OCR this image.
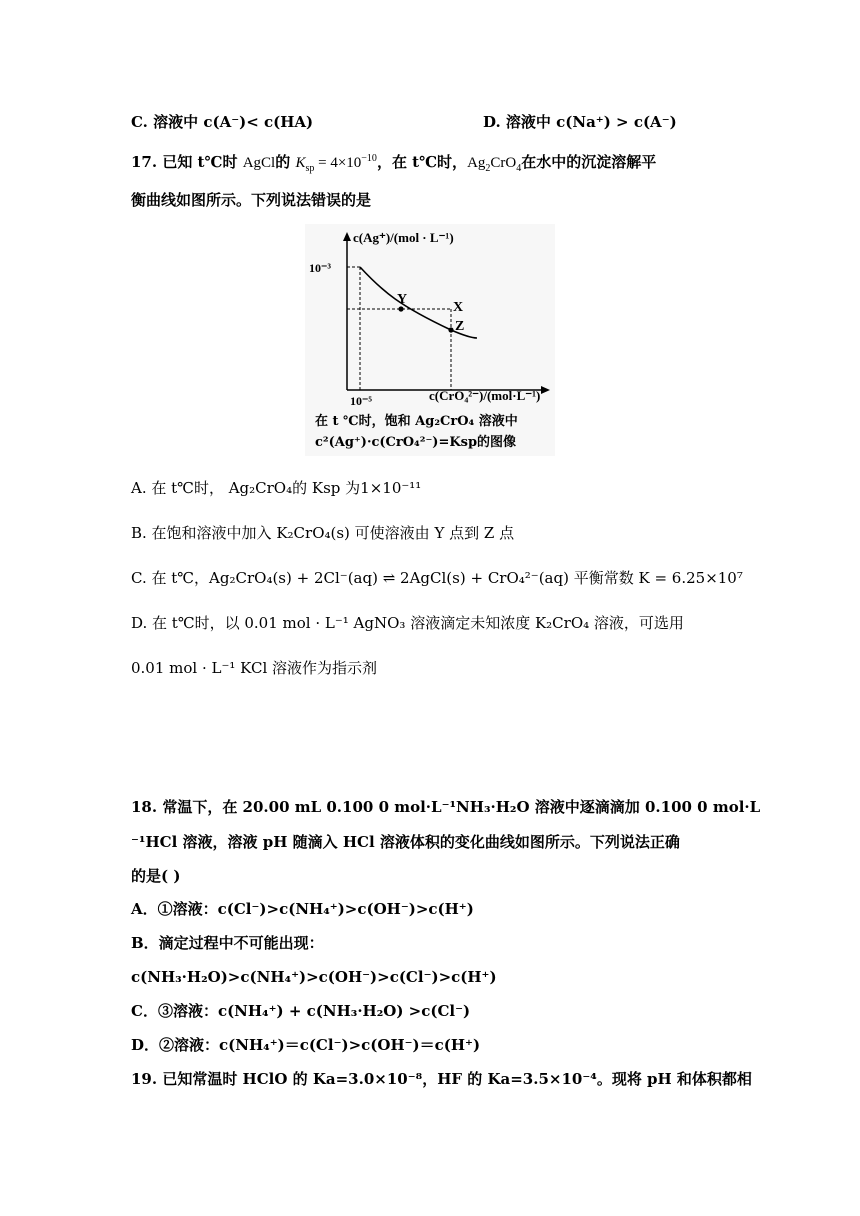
C. 溶液中 c(A⁻)< c(HA)	D. 溶液中 c(Na⁺) > c(A⁻)
17. 已知 t℃时 AgCl的 $K_{sp} = 4\times 10^{-10}$，在 t℃时，$Ag_2CrO_4$在水中的沉淀溶解平
衡曲线如图所示。下列说法错误的是
c(Ag⁺)/(mol · L⁻¹)
10⁻³
10⁻⁵	c(CrO₄²⁻)/(mol·L⁻¹)
Y
X
Z
在 t ℃时，饱和 Ag₂CrO₄ 溶液中
c²(Ag⁺)·c(CrO₄²⁻)=Ksp的图像
A. 在 t℃时， Ag₂CrO₄的 Ksp 为1×10⁻¹¹
B. 在饱和溶液中加入 K₂CrO₄(s) 可使溶液由 Y 点到 Z 点
C. 在 t℃，Ag₂CrO₄(s) + 2Cl⁻(aq) ⇌ 2AgCl(s) + CrO₄²⁻(aq) 平衡常数 K = 6.25×10⁷
D. 在 t℃时，以 0.01 mol · L⁻¹ AgNO₃ 溶液滴定未知浓度 K₂CrO₄ 溶液，可选用
0.01 mol · L⁻¹ KCl 溶液作为指示剂
18. 常温下，在 20.00 mL 0.100 0 mol·L⁻¹NH₃·H₂O 溶液中逐滴滴加 0.100 0 mol·L
⁻¹HCl 溶液，溶液 pH 随滴入 HCl 溶液体积的变化曲线如图所示。下列说法正确
的是( )
A．①溶液：c(Cl⁻)>c(NH₄⁺)>c(OH⁻)>c(H⁺)
B．滴定过程中不可能出现：
c(NH₃·H₂O)>c(NH₄⁺)>c(OH⁻)>c(Cl⁻)>c(H⁺)
C．③溶液：c(NH₄⁺) + c(NH₃·H₂O) >c(Cl⁻)
D．②溶液：c(NH₄⁺)＝c(Cl⁻)>c(OH⁻)＝c(H⁺)
19. 已知常温时 HClO 的 Ka=3.0×10⁻⁸，HF 的 Ka=3.5×10⁻⁴。现将 pH 和体积都相
